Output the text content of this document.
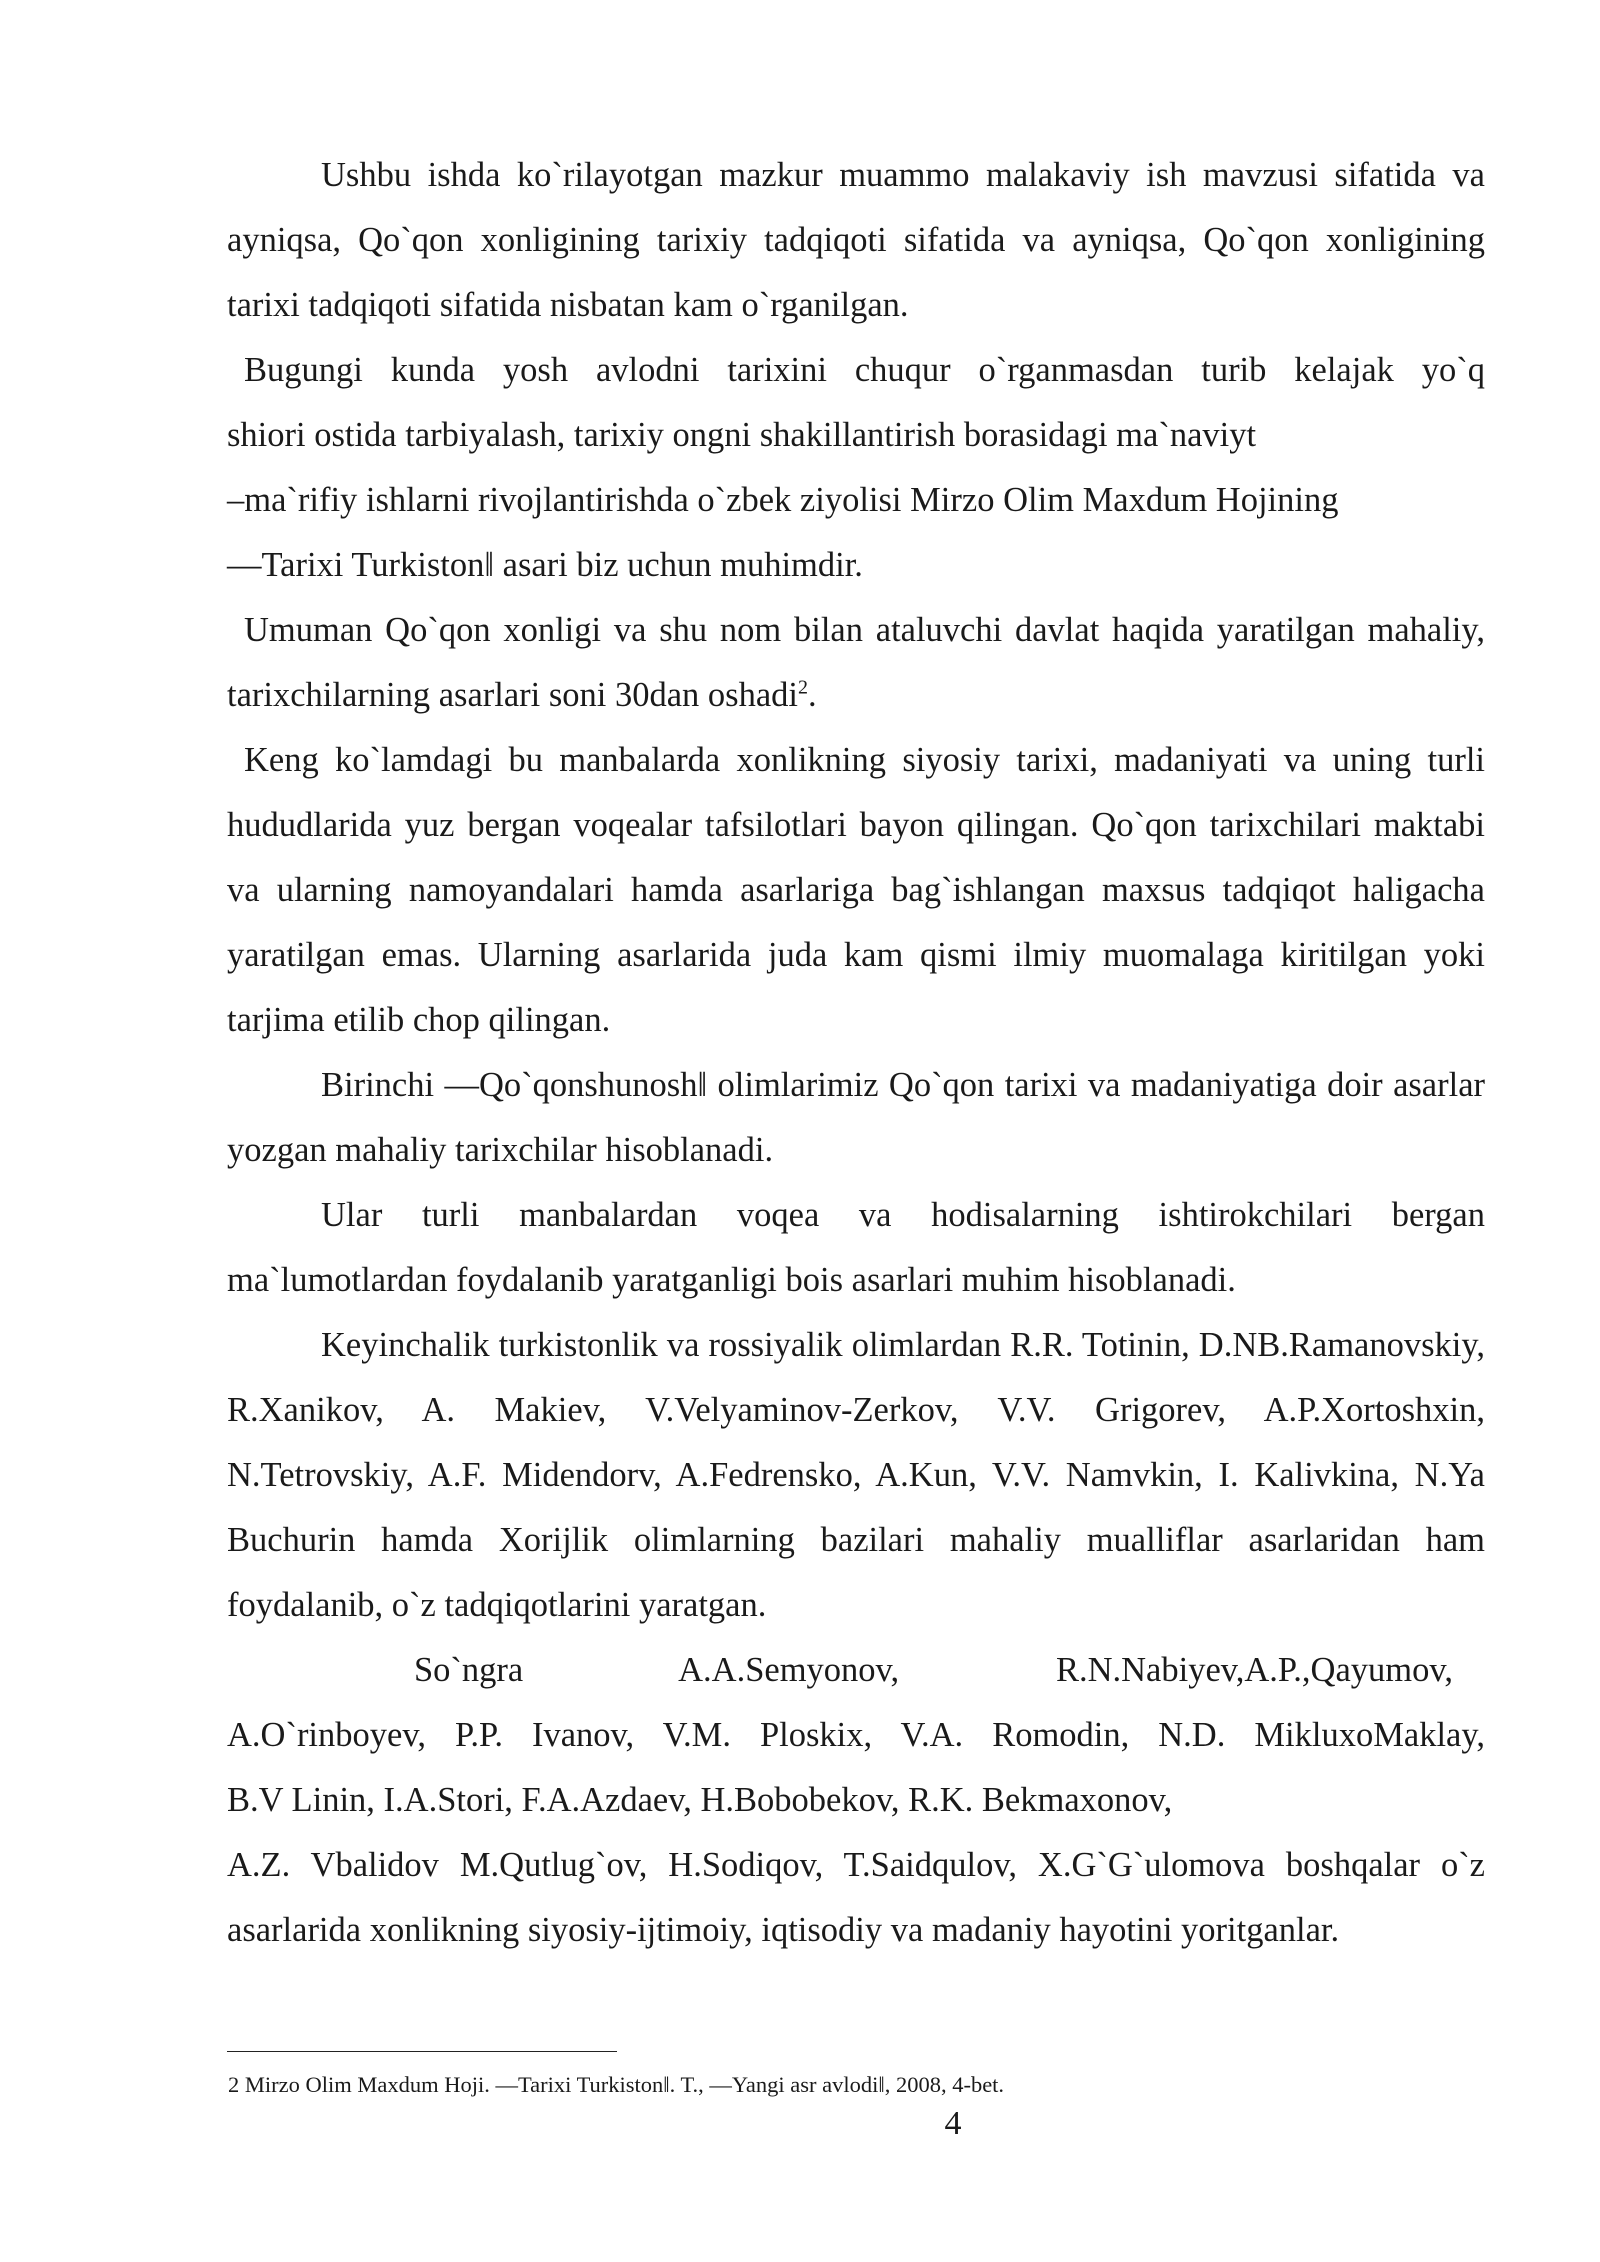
Ushbu ishda ko`rilayotgan mazkur muammo malakaviy ish mavzusi sifatida va ayniqsa, Qo`qon xonligining tarixiy tadqiqoti sifatida va ayniqsa, Qo`qon xonligining tarixi tadqiqoti sifatida nisbatan kam o`rganilgan.

Bugungi kunda yosh avlodni tarixini chuqur o`rganmasdan turib kelajak yo`q
shiori ostida tarbiyalash, tarixiy ongni shakillantirish borasidagi ma`naviyt
–ma`rifiy ishlarni rivojlantirishda o`zbek ziyolisi Mirzo Olim Maxdum Hojining
―Tarixi Turkiston‖ asari biz uchun muhimdir.

Umuman Qo`qon xonligi va shu nom bilan ataluvchi davlat haqida yaratilgan mahaliy, tarixchilarning asarlari soni 30dan oshadi$^2$.

Keng ko`lamdagi bu manbalarda xonlikning siyosiy tarixi, madaniyati va uning turli hududlarida yuz bergan voqealar tafsilotlari bayon qilingan. Qo`qon tarixchilari maktabi va ularning namoyandalari hamda asarlariga bag`ishlangan maxsus tadqiqot haligacha yaratilgan emas. Ularning asarlarida juda kam qismi ilmiy muomalaga kiritilgan yoki tarjima etilib chop qilingan.

Birinchi ―Qo`qonshunosh‖ olimlarimiz Qo`qon tarixi va madaniyatiga doir asarlar yozgan mahaliy tarixchilar hisoblanadi.

Ular turli manbalardan voqea va hodisalarning ishtirokchilari bergan ma`lumotlardan foydalanib yaratganligi bois asarlari muhim hisoblanadi.

Keyinchalik turkistonlik va rossiyalik olimlardan R.R. Totinin, D.NB.Ramanovskiy, R.Xanikov, A. Makiev, V.Velyaminov-Zerkov, V.V. Grigorev, A.P.Xortoshxin, N.Tetrovskiy, A.F. Midendorv, A.Fedrensko, A.Kun, V.V. Namvkin, I. Kalivkina, N.Ya Buchurin hamda Xorijlik olimlarning bazilari mahaliy mualliflar asarlaridan ham foydalanib, o`z tadqiqotlarini yaratgan.

So`ngra A.A.Semyonov, R.N.Nabiyev,A.P.,Qayumov,
A.O`rinboyev, P.P. Ivanov, V.M. Ploskix, V.A. Romodin, N.D. MikluxoMaklay,
B.V Linin, I.A.Stori, F.A.Azdaev, H.Bobobekov, R.K. Bekmaxonov,

A.Z. Vbalidov M.Qutlug`ov, H.Sodiqov, T.Saidqulov, X.G`G`ulomova boshqalar o`z asarlarida xonlikning siyosiy-ijtimoiy, iqtisodiy va madaniy hayotini yoritganlar.

2 Mirzo Olim Maxdum Hoji. ―Tarixi Turkiston‖. T., ―Yangi asr avlodi‖, 2008, 4-bet.
4
